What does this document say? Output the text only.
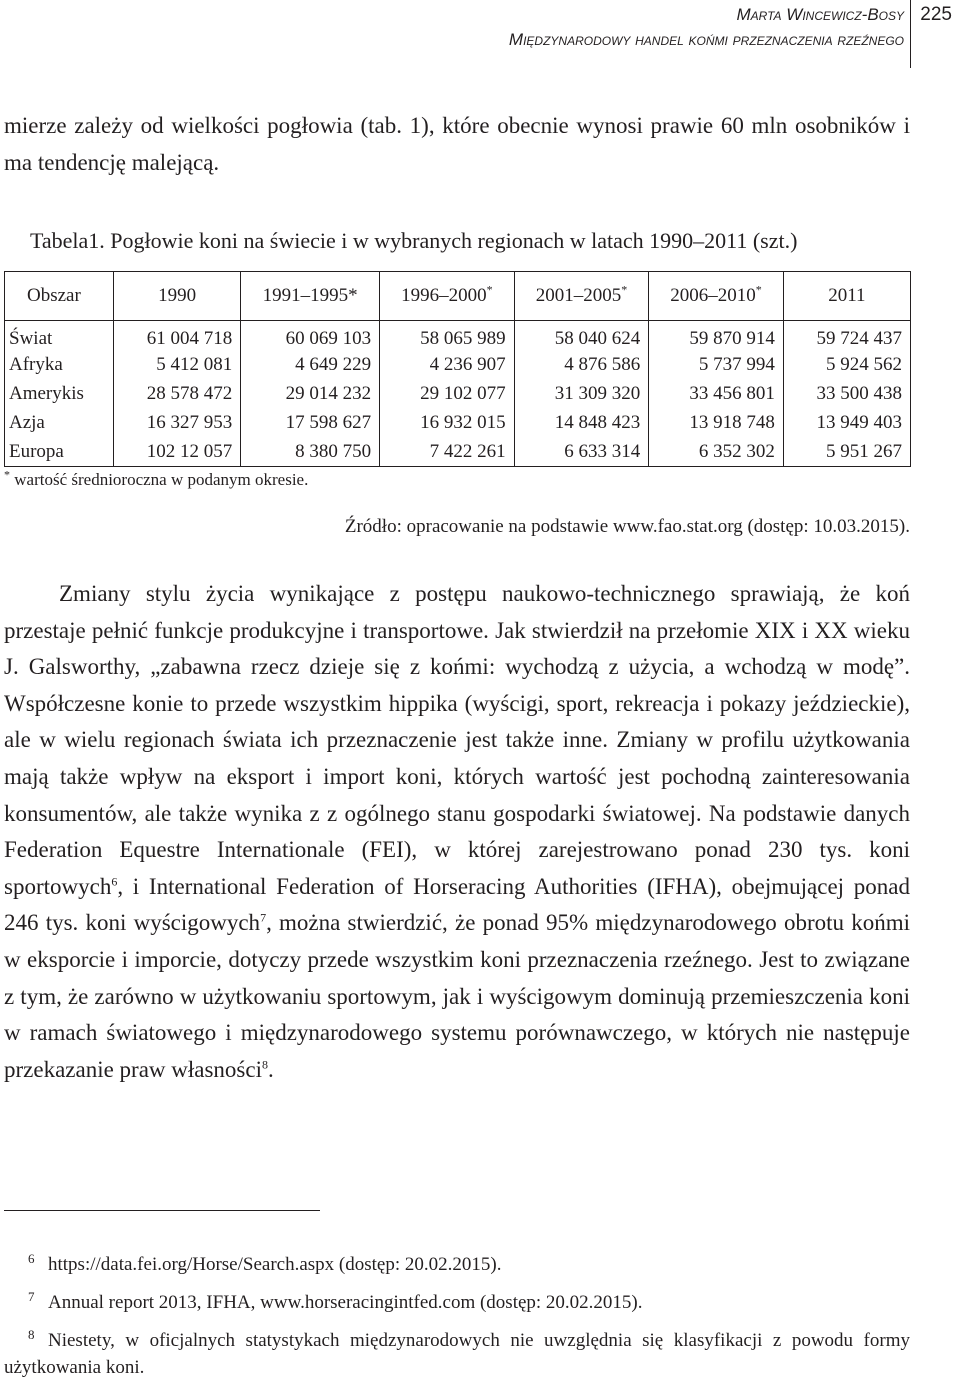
Marta Wincewicz-Bosy
Międzynarodowy handel końmi przeznaczenia rzeźnego
225

mierze zależy od wielkości pogłowia (tab. 1), które obecnie wynosi prawie 60 mln osobników i ma tendencję malejącą.

Tabela1. Pogłowie koni na świecie i w wybranych regionach w latach 1990–2011 (szt.)

Obszar	1990	1991–1995*	1996–2000*	2001–2005*	2006–2010*	2011
Świat	61 004 718	60 069 103	58 065 989	58 040 624	59 870 914	59 724 437
Afryka	5 412 081	4 649 229	4 236 907	4 876 586	5 737 994	5 924 562
Amerykis	28 578 472	29 014 232	29 102 077	31 309 320	33 456 801	33 500 438
Azja	16 327 953	17 598 627	16 932 015	14 848 423	13 918 748	13 949 403
Europa	102 12 057	8 380 750	7 422 261	6 633 314	6 352 302	5 951 267

* wartość średnioroczna w podanym okresie.

Źródło: opracowanie na podstawie www.fao.stat.org (dostęp: 10.03.2015).

Zmiany stylu życia wynikające z postępu naukowo-technicznego sprawiają, że koń przestaje pełnić funkcje produkcyjne i transportowe. Jak stwierdził na przełomie XIX i XX wieku J. Galsworthy, „zabawna rzecz dzieje się z końmi: wychodzą z użycia, a wchodzą w modę”. Współczesne konie to przede wszystkim hippika (wyścigi, sport, rekreacja i pokazy jeździeckie), ale w wielu regionach świata ich przeznaczenie jest także inne. Zmiany w profilu użytkowania mają także wpływ na eksport i import koni, których wartość jest pochodną zainteresowania konsumentów, ale także wynika z z ogólnego stanu gospodarki światowej. Na podstawie danych Federation Equestre Internationale (FEI), w której zarejestrowano ponad 230 tys. koni sportowych$^6$, i International Federation of Horseracing Authorities (IFHA), obejmującej ponad 246 tys. koni wyścigowych$^7$, można stwierdzić, że ponad 95% międzynarodowego obrotu końmi w eksporcie i imporcie, dotyczy przede wszystkim koni przeznaczenia rzeźnego. Jest to związane z tym, że zarówno w użytkowaniu sportowym, jak i wyścigowym dominują przemieszczenia koni w ramach światowego i międzynarodowego systemu porównawczego, w których nie następuje przekazanie praw własności$^8$.

6 https://data.fei.org/Horse/Search.aspx (dostęp: 20.02.2015).

7 Annual report 2013, IFHA, www.horseracingintfed.com (dostęp: 20.02.2015).

8 Niestety, w oficjalnych statystykach międzynarodowych nie uwzględnia się klasyfikacji z powodu formy użytkowania koni.
